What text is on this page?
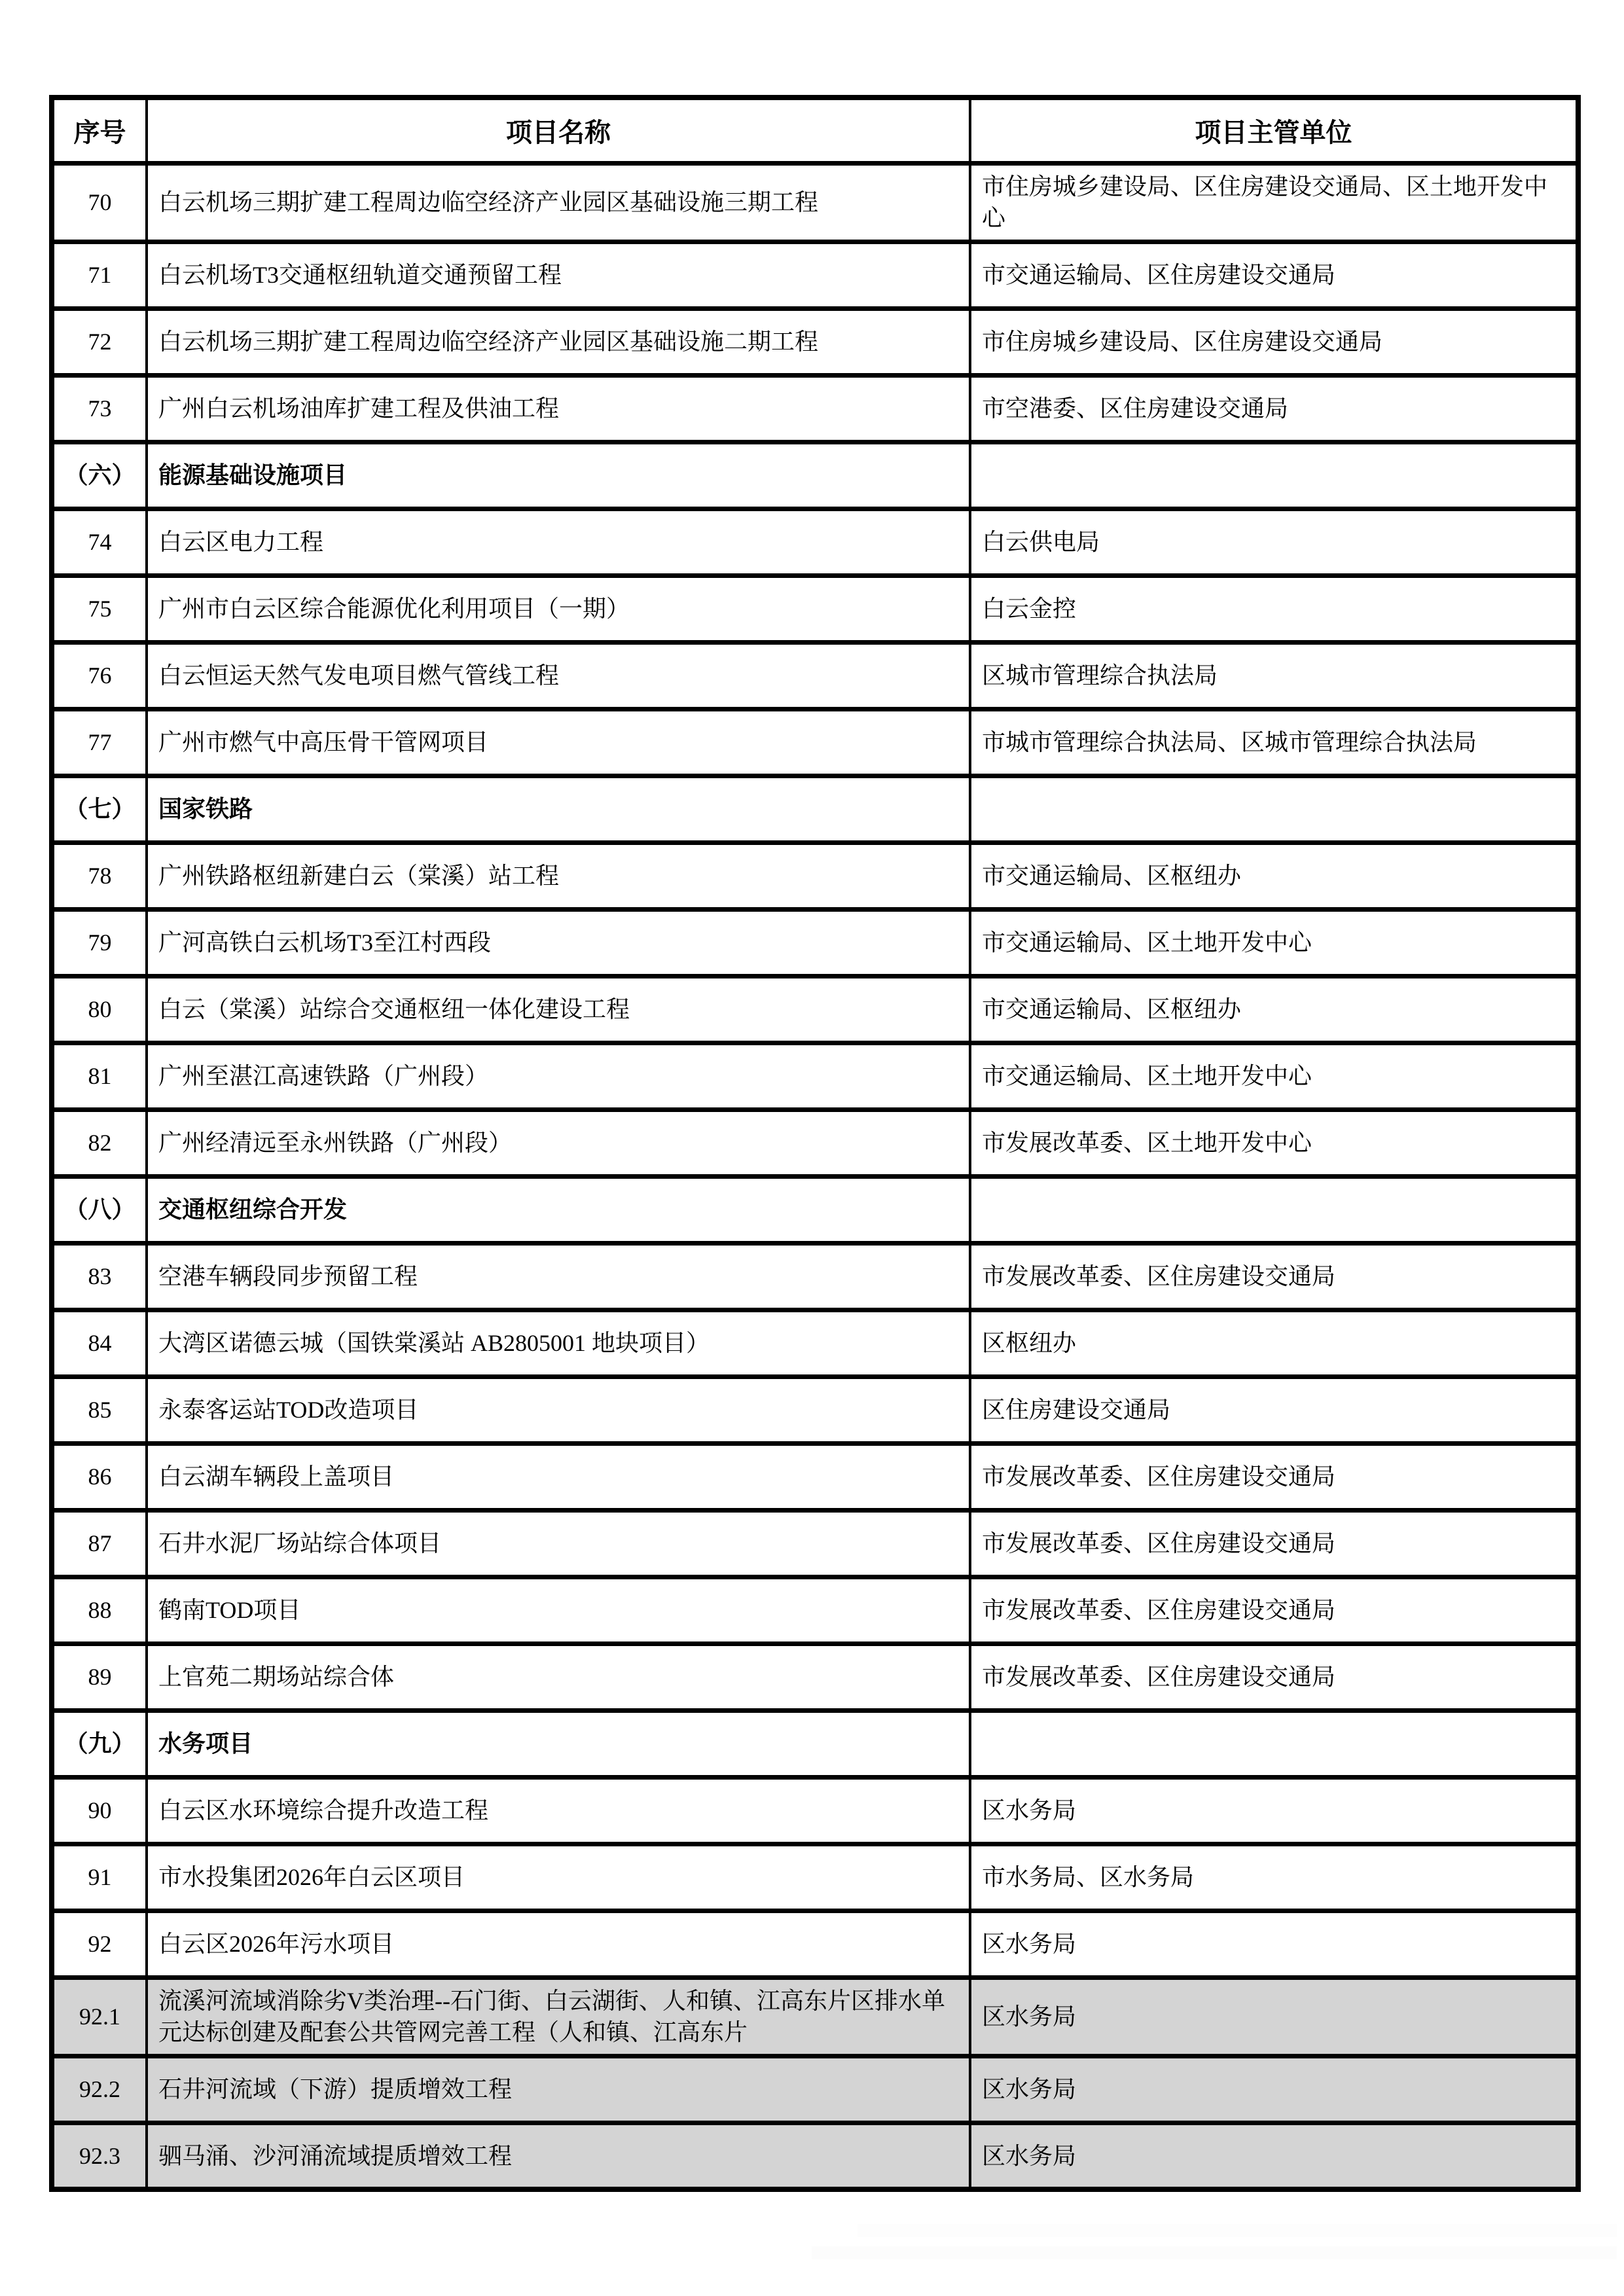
序号	项目名称	项目主管单位
70	白云机场三期扩建工程周边临空经济产业园区基础设施三期工程	市住房城乡建设局、区住房建设交通局、区土地开发中心
71	白云机场T3交通枢纽轨道交通预留工程	市交通运输局、区住房建设交通局
72	白云机场三期扩建工程周边临空经济产业园区基础设施二期工程	市住房城乡建设局、区住房建设交通局
73	广州白云机场油库扩建工程及供油工程	市空港委、区住房建设交通局
（六）	能源基础设施项目	
74	白云区电力工程	白云供电局
75	广州市白云区综合能源优化利用项目（一期）	白云金控
76	白云恒运天然气发电项目燃气管线工程	区城市管理综合执法局
77	广州市燃气中高压骨干管网项目	市城市管理综合执法局、区城市管理综合执法局
（七）	国家铁路	
78	广州铁路枢纽新建白云（棠溪）站工程	市交通运输局、区枢纽办
79	广河高铁白云机场T3至江村西段	市交通运输局、区土地开发中心
80	白云（棠溪）站综合交通枢纽一体化建设工程	市交通运输局、区枢纽办
81	广州至湛江高速铁路（广州段）	市交通运输局、区土地开发中心
82	广州经清远至永州铁路（广州段）	市发展改革委、区土地开发中心
（八）	交通枢纽综合开发	
83	空港车辆段同步预留工程	市发展改革委、区住房建设交通局
84	大湾区诺德云城（国铁棠溪站 AB2805001 地块项目）	区枢纽办
85	永泰客运站TOD改造项目	区住房建设交通局
86	白云湖车辆段上盖项目	市发展改革委、区住房建设交通局
87	石井水泥厂场站综合体项目	市发展改革委、区住房建设交通局
88	鹤南TOD项目	市发展改革委、区住房建设交通局
89	上官苑二期场站综合体	市发展改革委、区住房建设交通局
（九）	水务项目	
90	白云区水环境综合提升改造工程	区水务局
91	市水投集团2026年白云区项目	市水务局、区水务局
92	白云区2026年污水项目	区水务局
92.1	流溪河流域消除劣V类治理--石门街、白云湖街、人和镇、江高东片区排水单元达标创建及配套公共管网完善工程（人和镇、江高东片	区水务局
92.2	石井河流域（下游）提质增效工程	区水务局
92.3	驷马涌、沙河涌流域提质增效工程	区水务局
